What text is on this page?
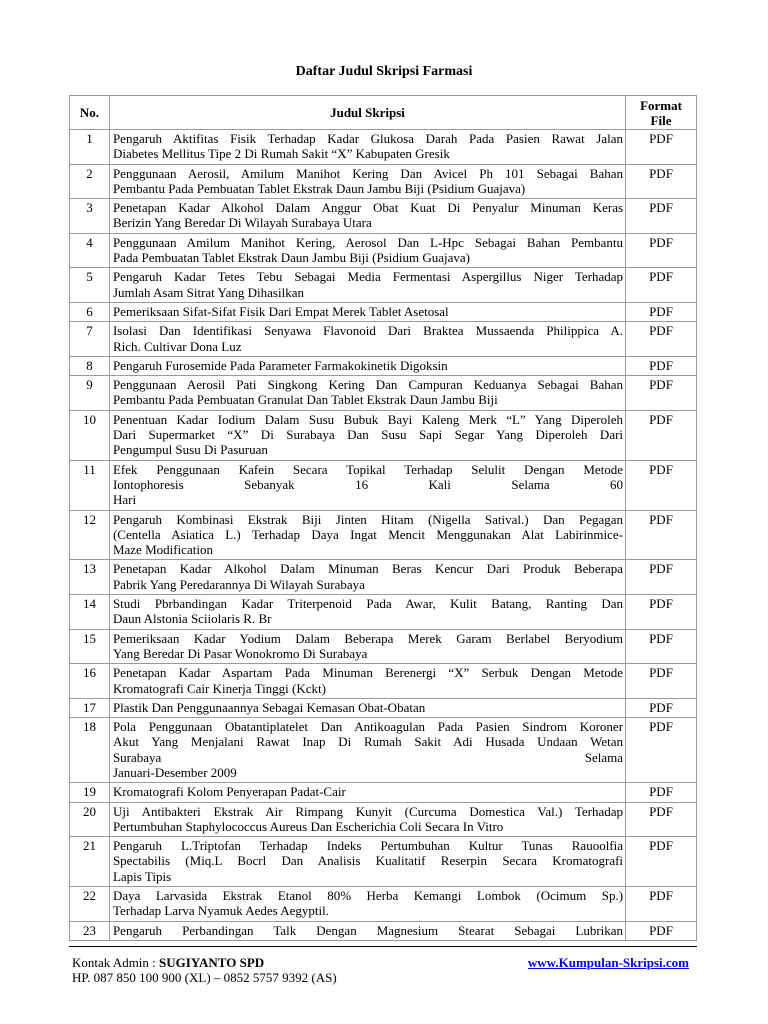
Daftar Judul Skripsi Farmasi
No.	Judul Skripsi	Format
File

1	Pengaruh Aktifitas Fisik Terhadap Kadar Glukosa Darah Pada Pasien Rawat Jalan
Diabetes Mellitus Tipe 2 Di Rumah Sakit “X” Kabupaten Gresik	PDF
2	Penggunaan Aerosil, Amilum Manihot Kering Dan Avicel Ph 101 Sebagai Bahan
Pembantu Pada Pembuatan Tablet Ekstrak Daun Jambu Biji (Psidium Guajava)	PDF
3	Penetapan Kadar Alkohol Dalam Anggur Obat Kuat Di Penyalur Minuman Keras
Berizin Yang Beredar Di Wilayah Surabaya Utara	PDF
4	Penggunaan Amilum Manihot Kering, Aerosol Dan L-Hpc Sebagai Bahan Pembantu
Pada Pembuatan Tablet Ekstrak Daun Jambu Biji (Psidium Guajava)	PDF
5	Pengaruh Kadar Tetes Tebu Sebagai Media Fermentasi Aspergillus Niger Terhadap
Jumlah Asam Sitrat Yang Dihasilkan	PDF
6	Pemeriksaan Sifat-Sifat Fisik Dari Empat Merek Tablet Asetosal	PDF
7	Isolasi Dan Identifikasi Senyawa Flavonoid Dari Braktea Mussaenda Philippica A.
Rich. Cultivar Dona Luz	PDF
8	Pengaruh Furosemide Pada Parameter Farmakokinetik Digoksin	PDF
9	Penggunaan Aerosil Pati Singkong Kering Dan Campuran Keduanya Sebagai Bahan
Pembantu Pada Pembuatan Granulat Dan Tablet Ekstrak Daun Jambu Biji	PDF
10	Penentuan Kadar Iodium Dalam Susu Bubuk Bayi Kaleng Merk “L” Yang Diperoleh
Dari Supermarket “X” Di Surabaya Dan Susu Sapi Segar Yang Diperoleh Dari
Pengumpul Susu Di Pasuruan	PDF
11	Efek Penggunaan Kafein Secara Topikal Terhadap Selulit Dengan Metode
Iontophoresis Sebanyak 16 Kali Selama 60
Hari	PDF
12	Pengaruh Kombinasi Ekstrak Biji Jinten Hitam (Nigella Satival.) Dan Pegagan
(Centella Asiatica L.) Terhadap Daya Ingat Mencit Menggunakan Alat Labirinmice-
Maze Modification	PDF
13	Penetapan Kadar Alkohol Dalam Minuman Beras Kencur Dari Produk Beberapa
Pabrik Yang Peredarannya Di Wilayah Surabaya	PDF
14	Studi Pbrbandingan Kadar Triterpenoid Pada Awar, Kulit Batang, Ranting Dan
Daun Alstonia Sciiolaris R. Br	PDF
15	Pemeriksaan Kadar Yodium Dalam Beberapa Merek Garam Berlabel Beryodium
Yang Beredar Di Pasar Wonokromo Di Surabaya	PDF
16	Penetapan Kadar Aspartam Pada Minuman Berenergi “X” Serbuk Dengan Metode
Kromatografi Cair Kinerja Tinggi (Kckt)	PDF
17	Plastik Dan Penggunaannya Sebagai Kemasan Obat-Obatan	PDF
18	Pola Penggunaan Obatantiplatelet Dan Antikoagulan Pada Pasien Sindrom Koroner
Akut Yang Menjalani Rawat Inap Di Rumah Sakit Adi Husada Undaan Wetan
Surabaya Selama
Januari-Desember 2009	PDF
19	Kromatografi Kolom Penyerapan Padat-Cair	PDF
20	Uji Antibakteri Ekstrak Air Rimpang Kunyit (Curcuma Domestica Val.) Terhadap
Pertumbuhan Staphylococcus Aureus Dan Escherichia Coli Secara In Vitro	PDF
21	Pengaruh L.Triptofan Terhadap Indeks Pertumbuhan Kultur Tunas Rauoolfia
Spectabilis (Miq.L Bocrl Dan Analisis Kualitatif Reserpin Secara Kromatografi
Lapis Tipis	PDF
22	Daya Larvasida Ekstrak Etanol 80% Herba Kemangi Lombok (Ocimum Sp.)
Terhadap Larva Nyamuk Aedes Aegyptil.	PDF
23	Pengaruh Perbandingan Talk Dengan Magnesium Stearat Sebagai Lubrikan	PDF
Kontak Admin : SUGIYANTO SPD	www.Kumpulan-Skripsi.com
HP. 087 850 100 900 (XL) – 0852 5757 9392 (AS)
